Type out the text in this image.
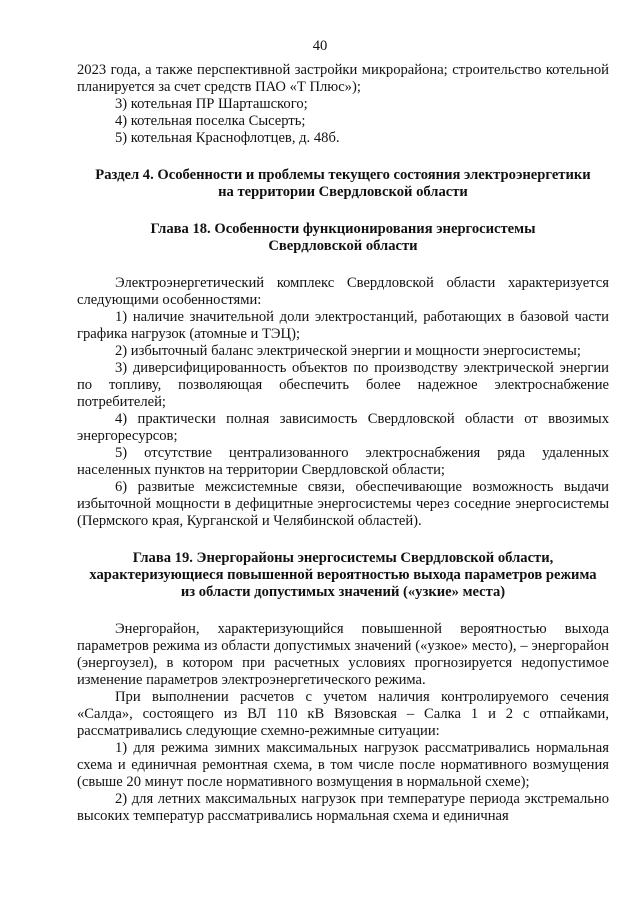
40

2023 года, а также перспективной застройки микрорайона; строительство котельной планируется за счет средств ПАО «Т Плюс»);

3) котельная ПР Шарташского;

4) котельная поселка Сысерть;

5) котельная Краснофлотцев, д. 48б.

Раздел 4. Особенности и проблемы текущего состояния электроэнергетики
на территории Свердловской области
Глава 18. Особенности функционирования энергосистемы
Свердловской области

Электроэнергетический комплекс Свердловской области характеризуется следующими особенностями:

1) наличие значительной доли электростанций, работающих в базовой части графика нагрузок (атомные и ТЭЦ);

2) избыточный баланс электрической энергии и мощности энергосистемы;

3) диверсифицированность объектов по производству электрической энергии по топливу, позволяющая обеспечить более надежное электроснабжение потребителей;

4) практически полная зависимость Свердловской области от ввозимых энергоресурсов;

5) отсутствие централизованного электроснабжения ряда удаленных населенных пунктов на территории Свердловской области;

6) развитые межсистемные связи, обеспечивающие возможность выдачи избыточной мощности в дефицитные энергосистемы через соседние энергосистемы (Пермского края, Курганской и Челябинской областей).

Глава 19. Энергорайоны энергосистемы Свердловской области,
характеризующиеся повышенной вероятностью выхода параметров режима
из области допустимых значений («узкие» места)

Энергорайон, характеризующийся повышенной вероятностью выхода параметров режима из области допустимых значений («узкое» место), – энергорайон (энергоузел), в котором при расчетных условиях прогнозируется недопустимое изменение параметров электроэнергетического режима.

При выполнении расчетов с учетом наличия контролируемого сечения «Салда», состоящего из ВЛ 110 кВ Вязовская – Салка 1 и 2 с отпайками, рассматривались следующие схемно-режимные ситуации:

1) для режима зимних максимальных нагрузок рассматривались нормальная схема и единичная ремонтная схема, в том числе после нормативного возмущения (свыше 20 минут после нормативного возмущения в нормальной схеме);

2) для летних максимальных нагрузок при температуре периода экстремально высоких температур рассматривались нормальная схема и единичная
